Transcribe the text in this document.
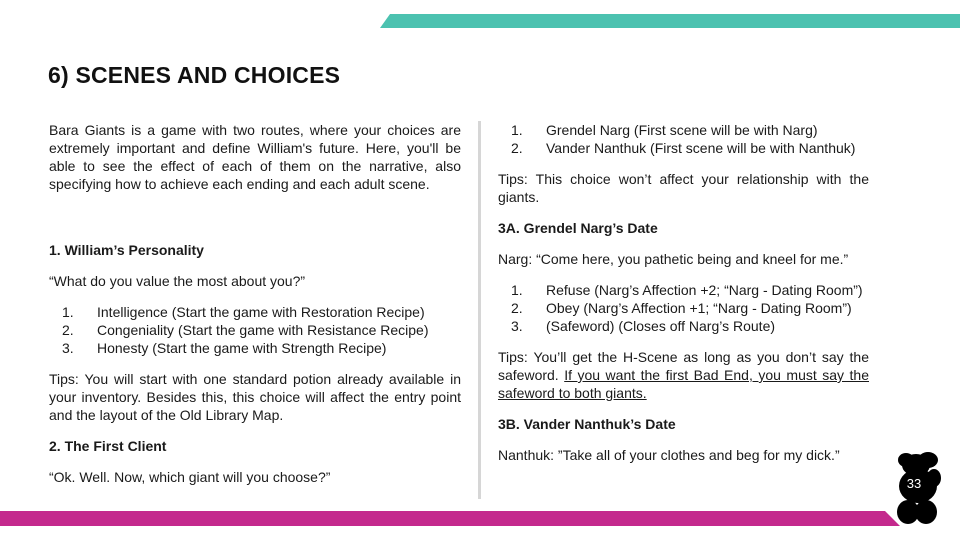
6) SCENES AND CHOICES

Bara Giants is a game with two routes, where your choices are extremely important and define William's future. Here, you'll be able to see the effect of each of them on the narrative, also specifying how to achieve each ending and each adult scene.

1. William’s Personality

“What do you value the most about you?”

1. Intelligence (Start the game with Restoration Recipe)
2. Congeniality (Start the game with Resistance Recipe)
3. Honesty (Start the game with Strength Recipe)

Tips: You will start with one standard potion already available in your inventory. Besides this, this choice will affect the entry point and the layout of the Old Library Map.

2. The First Client

“Ok. Well. Now, which giant will you choose?”

1. Grendel Narg (First scene will be with Narg)
2. Vander Nanthuk (First scene will be with Nanthuk)

Tips: This choice won’t affect your relationship with the giants.

3A. Grendel Narg’s Date

Narg: “Come here, you pathetic being and kneel for me.”

1. Refuse (Narg’s Affection +2; “Narg - Dating Room”)
2. Obey (Narg’s Affection +1; “Narg - Dating Room”)
3. (Safeword) (Closes off Narg’s Route)

Tips: You’ll get the H-Scene as long as you don’t say the safeword. If you want the first Bad End, you must say the safeword to both giants.

3B. Vander Nanthuk’s Date

Nanthuk: ”Take all of your clothes and beg for my dick.”

33
